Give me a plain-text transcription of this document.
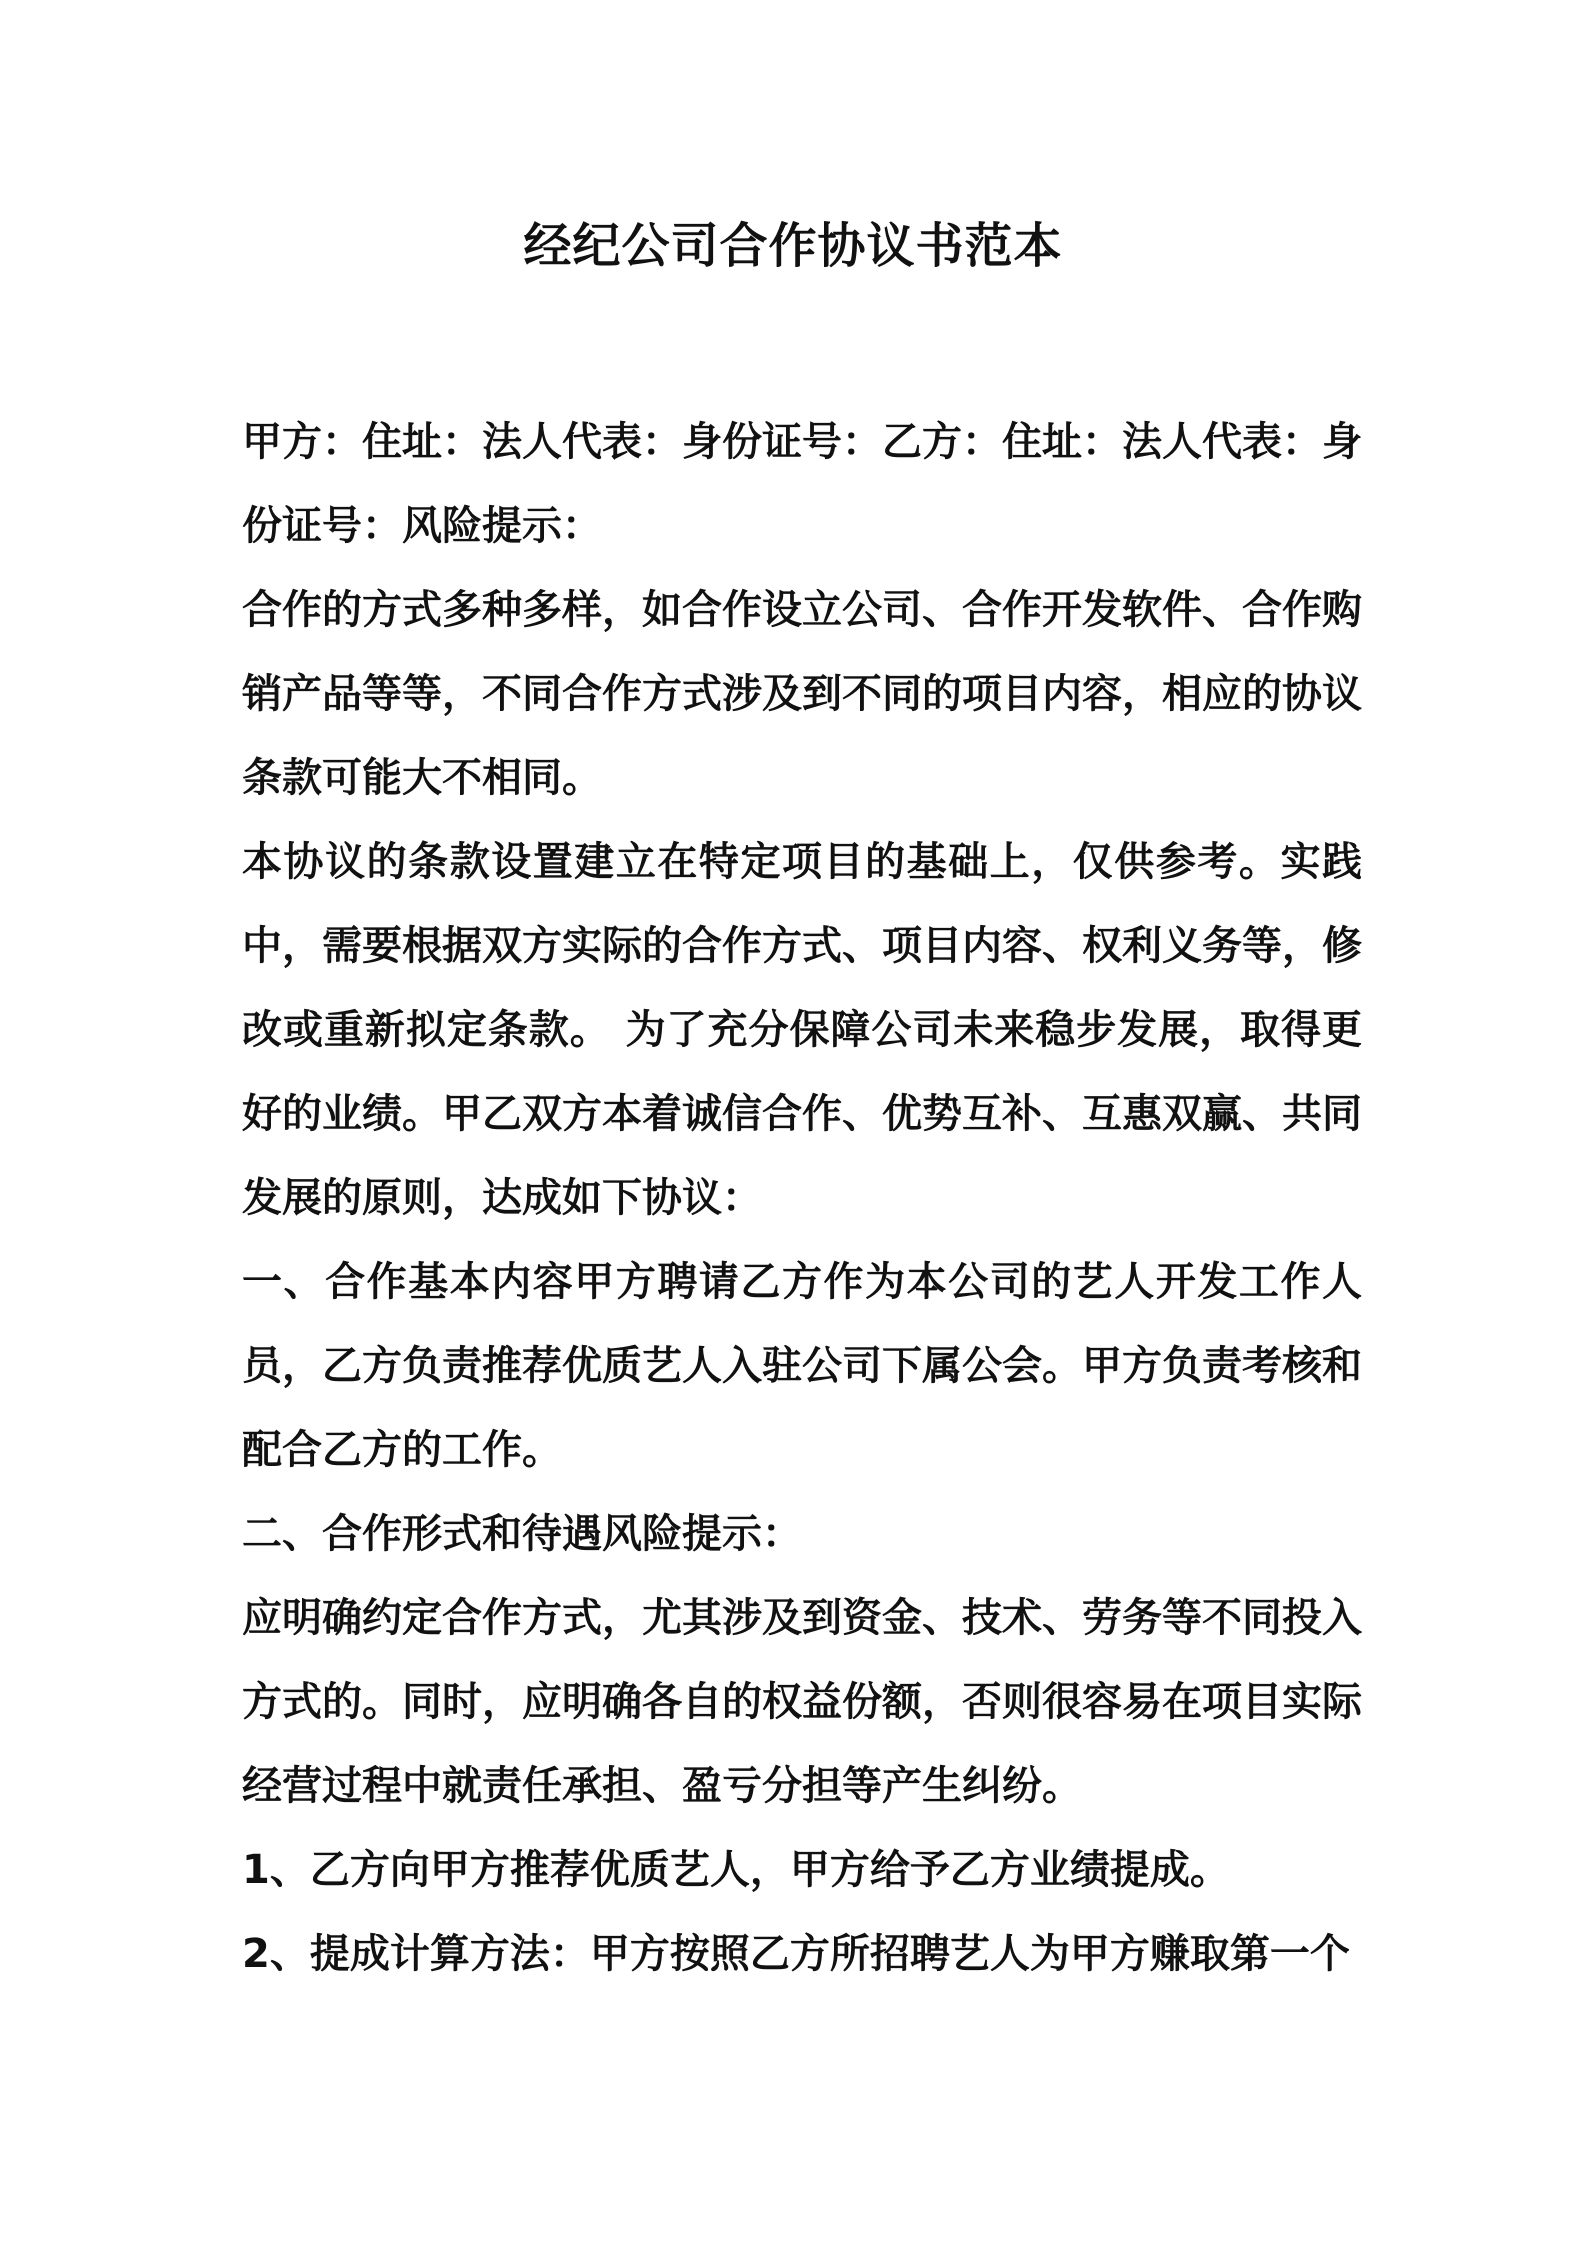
经纪公司合作协议书范本

甲方：住址：法人代表：身份证号：乙方：住址：法人代表：身份证号：风险提示：

合作的方式多种多样，如合作设立公司、合作开发软件、合作购销产品等等，不同合作方式涉及到不同的项目内容，相应的协议条款可能大不相同。

本协议的条款设置建立在特定项目的基础上，仅供参考。实践中，需要根据双方实际的合作方式、项目内容、权利义务等，修改或重新拟定条款。 为了充分保障公司未来稳步发展，取得更好的业绩。甲乙双方本着诚信合作、优势互补、互惠双赢、共同发展的原则，达成如下协议：

一、合作基本内容甲方聘请乙方作为本公司的艺人开发工作人员，乙方负责推荐优质艺人入驻公司下属公会。甲方负责考核和配合乙方的工作。

二、合作形式和待遇风险提示：

应明确约定合作方式，尤其涉及到资金、技术、劳务等不同投入方式的。同时，应明确各自的权益份额，否则很容易在项目实际经营过程中就责任承担、盈亏分担等产生纠纷。

1、乙方向甲方推荐优质艺人，甲方给予乙方业绩提成。

2、提成计算方法：甲方按照乙方所招聘艺人为甲方赚取第一个
